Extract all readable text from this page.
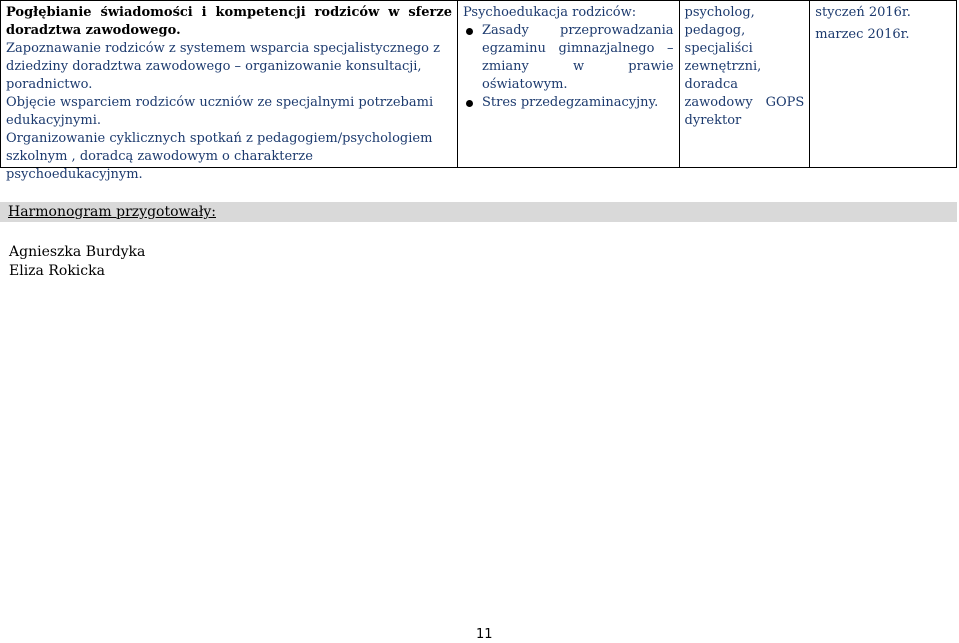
Pogłębianie świadomości i kompetencji rodziców w sferze doradztwa zawodowego.

Zapoznawanie rodziców z systemem wsparcia specjalistycznego z dziedziny doradztwa zawodowego – organizowanie konsultacji, poradnictwo.

Objęcie wsparciem rodziców uczniów ze specjalnymi potrzebami edukacyjnymi.

Organizowanie cyklicznych spotkań z pedagogiem/psychologiem szkolnym , doradcą zawodowym o charakterze psychoedukacyjnym.

Psychoedukacja rodziców:

Zasady przeprowadzania egzaminu gimnazjalnego – zmiany w prawie oświatowym.
Stres przedegzaminacyjny.

psycholog, pedagog, specjaliści zewnętrzni, doradca zawodowy GOPS dyrektor

styczeń 2016r.

marzec 2016r.

Harmonogram przygotowały:
Agnieszka Burdyka
Eliza Rokicka
11
